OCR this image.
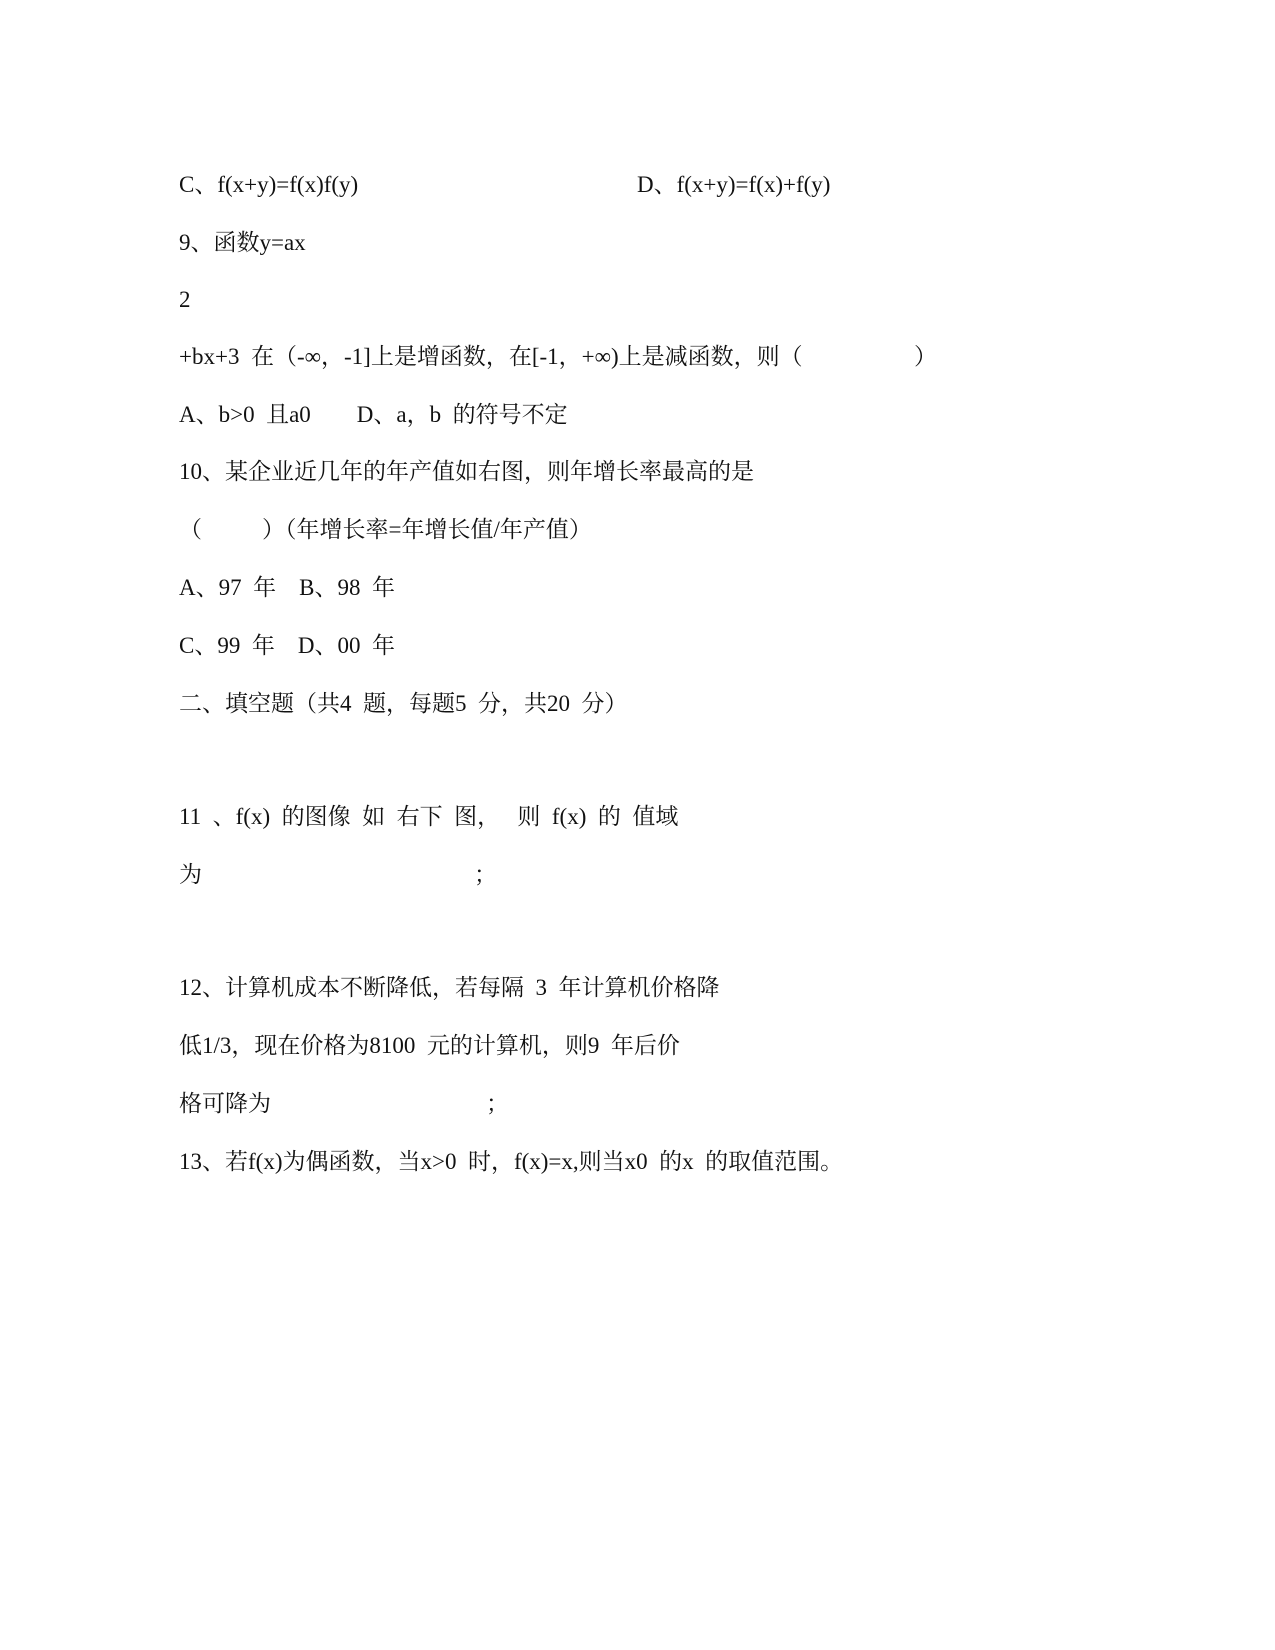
C、f(x+y)=f(x)f(y)	D、f(x+y)=f(x)+f(y)
9、函数y=ax
2
+bx+3  在（-∞，-1]上是增函数，在[-1，+∞)上是减函数，则（	）
A、b>0  且a0        D、a，b  的符号不定
10、某企业近几年的年产值如右图，则年增长率最高的是
（	）（年增长率=年增长值/年产值）
A、97  年    B、98  年
C、99  年    D、00  年
二、填空题（共4  题，每题5  分，共20  分）
11  、f(x)  的图像  如  右下  图，   则  f(x)  的  值域
为	；
12、计算机成本不断降低，若每隔  3  年计算机价格降
低1/3，现在价格为8100  元的计算机，则9  年后价
格可降为	；
13、若f(x)为偶函数，当x>0  时，f(x)=x,则当x0  的x  的取值范围。
